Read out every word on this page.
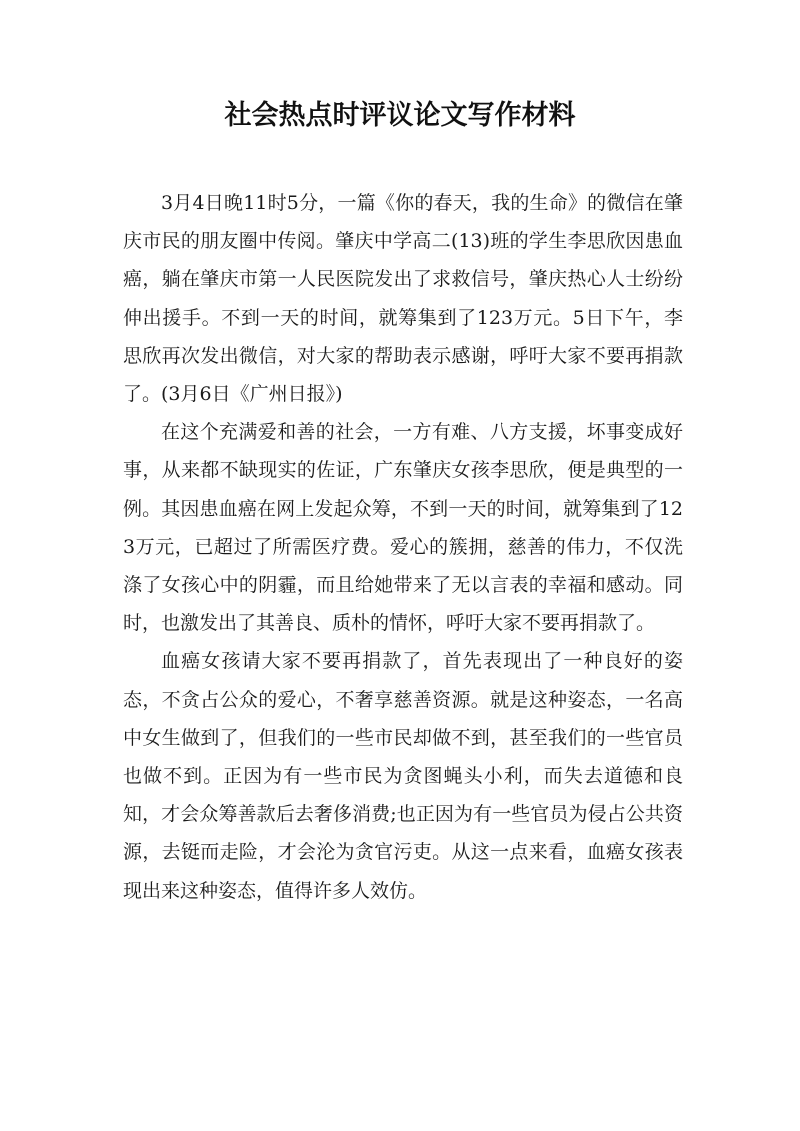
社会热点时评议论文写作材料

3月4日晚11时5分，一篇《你的春天，我的生命》的微信在肇庆市民的朋友圈中传阅。肇庆中学高二(13)班的学生李思欣因患血癌，躺在肇庆市第一人民医院发出了求救信号，肇庆热心人士纷纷伸出援手。不到一天的时间，就筹集到了123万元。5日下午，李思欣再次发出微信，对大家的帮助表示感谢，呼吁大家不要再捐款了。(3月6日《广州日报》)

在这个充满爱和善的社会，一方有难、八方支援，坏事变成好事，从来都不缺现实的佐证，广东肇庆女孩李思欣，便是典型的一例。其因患血癌在网上发起众筹，不到一天的时间，就筹集到了123万元，已超过了所需医疗费。爱心的簇拥，慈善的伟力，不仅洗涤了女孩心中的阴霾，而且给她带来了无以言表的幸福和感动。同时，也激发出了其善良、质朴的情怀，呼吁大家不要再捐款了。

血癌女孩请大家不要再捐款了，首先表现出了一种良好的姿态，不贪占公众的爱心，不奢享慈善资源。就是这种姿态，一名高中女生做到了，但我们的一些市民却做不到，甚至我们的一些官员也做不到。正因为有一些市民为贪图蝇头小利，而失去道德和良知，才会众筹善款后去奢侈消费;也正因为有一些官员为侵占公共资源，去铤而走险，才会沦为贪官污吏。从这一点来看，血癌女孩表现出来这种姿态，值得许多人效仿。
